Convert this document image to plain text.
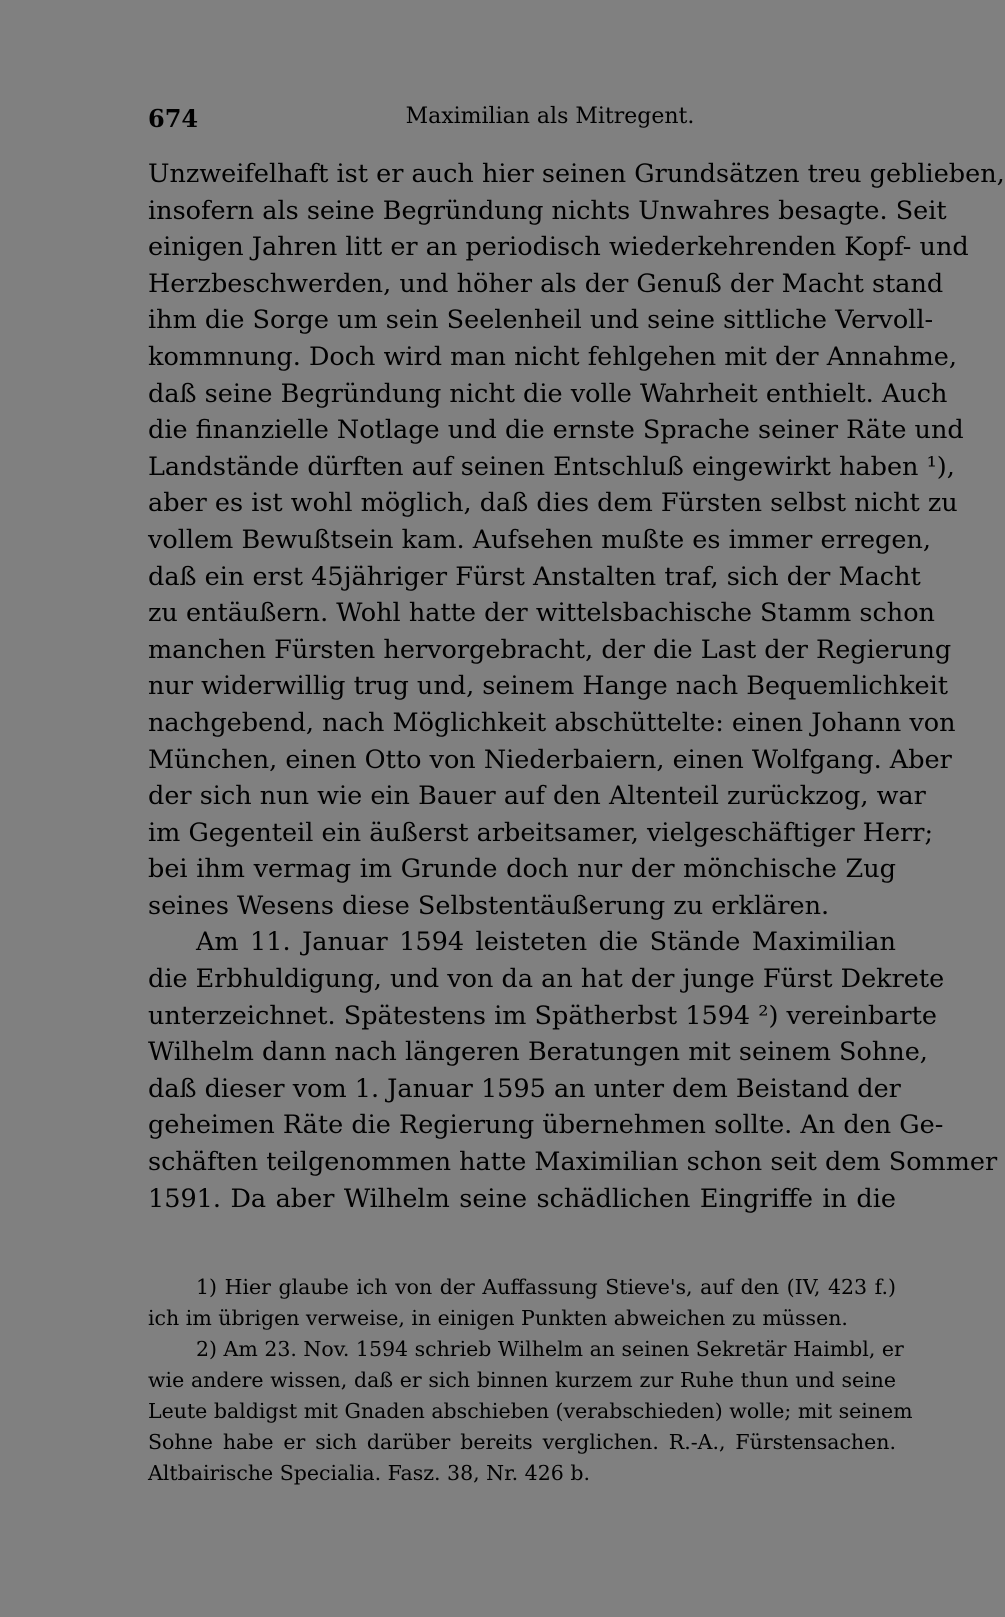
674	Maximilian als Mitregent.
Unzweifelhaft ist er auch hier seinen Grundsätzen treu geblieben,
insofern als seine Begründung nichts Unwahres besagte. Seit
einigen Jahren litt er an periodisch wiederkehrenden Kopf- und
Herzbeschwerden, und höher als der Genuß der Macht stand
ihm die Sorge um sein Seelenheil und seine sittliche Vervoll-
kommnung. Doch wird man nicht fehlgehen mit der Annahme,
daß seine Begründung nicht die volle Wahrheit enthielt. Auch
die finanzielle Notlage und die ernste Sprache seiner Räte und
Landstände dürften auf seinen Entschluß eingewirkt haben ¹),
aber es ist wohl möglich, daß dies dem Fürsten selbst nicht zu
vollem Bewußtsein kam. Aufsehen mußte es immer erregen,
daß ein erst 45jähriger Fürst Anstalten traf, sich der Macht
zu entäußern. Wohl hatte der wittelsbachische Stamm schon
manchen Fürsten hervorgebracht, der die Last der Regierung
nur widerwillig trug und, seinem Hange nach Bequemlichkeit
nachgebend, nach Möglichkeit abschüttelte: einen Johann von
München, einen Otto von Niederbaiern, einen Wolfgang. Aber
der sich nun wie ein Bauer auf den Altenteil zurückzog, war
im Gegenteil ein äußerst arbeitsamer, vielgeschäftiger Herr;
bei ihm vermag im Grunde doch nur der mönchische Zug
seines Wesens diese Selbstentäußerung zu erklären.
Am 11. Januar 1594 leisteten die Stände Maximilian
die Erbhuldigung, und von da an hat der junge Fürst Dekrete
unterzeichnet. Spätestens im Spätherbst 1594 ²) vereinbarte
Wilhelm dann nach längeren Beratungen mit seinem Sohne,
daß dieser vom 1. Januar 1595 an unter dem Beistand der
geheimen Räte die Regierung übernehmen sollte. An den Ge-
schäften teilgenommen hatte Maximilian schon seit dem Sommer
1591. Da aber Wilhelm seine schädlichen Eingriffe in die
1) Hier glaube ich von der Auffassung Stieve's, auf den (IV, 423 f.)
ich im übrigen verweise, in einigen Punkten abweichen zu müssen.
2) Am 23. Nov. 1594 schrieb Wilhelm an seinen Sekretär Haimbl, er
wie andere wissen, daß er sich binnen kurzem zur Ruhe thun und seine
Leute baldigst mit Gnaden abschieben (verabschieden) wolle; mit seinem
Sohne habe er sich darüber bereits verglichen. R.-A., Fürstensachen.
Altbairische Specialia. Fasz. 38, Nr. 426 b.
